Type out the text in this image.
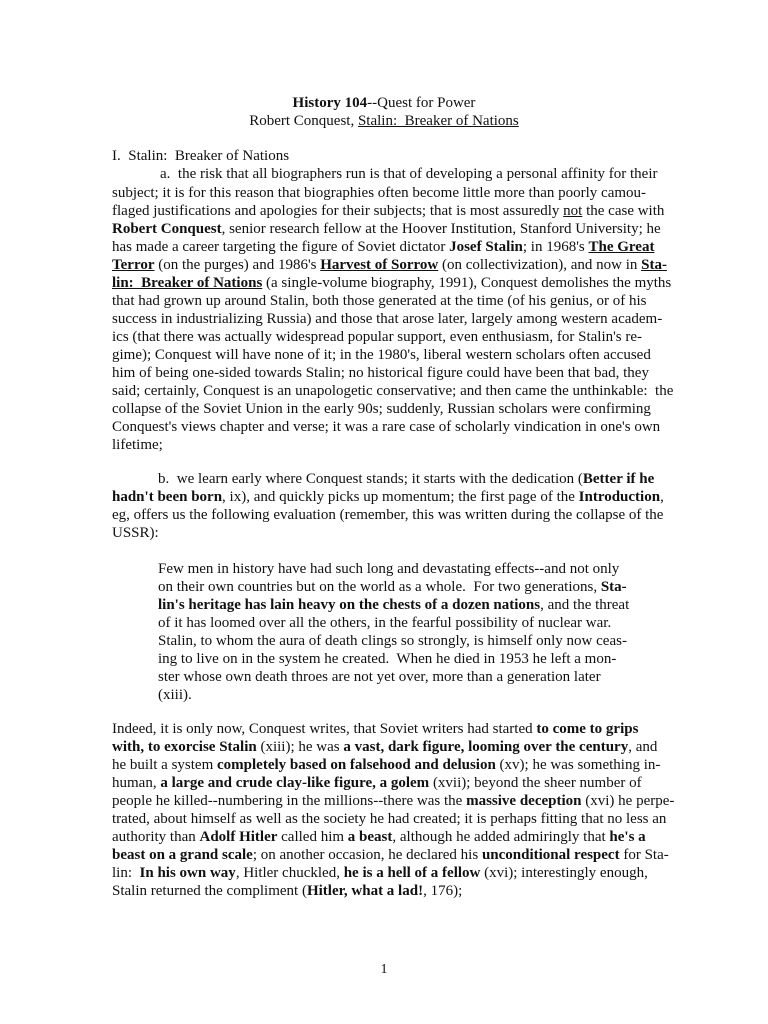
History 104--Quest for Power
Robert Conquest, Stalin:  Breaker of Nations
I.  Stalin:  Breaker of Nations
a.  the risk that all biographers run is that of developing a personal affinity for their
subject; it is for this reason that biographies often become little more than poorly camou-
flaged justifications and apologies for their subjects; that is most assuredly not the case with
Robert Conquest, senior research fellow at the Hoover Institution, Stanford University; he
has made a career targeting the figure of Soviet dictator Josef Stalin; in 1968's The Great
Terror (on the purges) and 1986's Harvest of Sorrow (on collectivization), and now in Sta-
lin:  Breaker of Nations (a single-volume biography, 1991), Conquest demolishes the myths
that had grown up around Stalin, both those generated at the time (of his genius, or of his
success in industrializing Russia) and those that arose later, largely among western academ-
ics (that there was actually widespread popular support, even enthusiasm, for Stalin's re-
gime); Conquest will have none of it; in the 1980's, liberal western scholars often accused
him of being one-sided towards Stalin; no historical figure could have been that bad, they
said; certainly, Conquest is an unapologetic conservative; and then came the unthinkable:  the
collapse of the Soviet Union in the early 90s; suddenly, Russian scholars were confirming
Conquest's views chapter and verse; it was a rare case of scholarly vindication in one's own
lifetime;
b.  we learn early where Conquest stands; it starts with the dedication (Better if he
hadn't been born, ix), and quickly picks up momentum; the first page of the Introduction,
eg, offers us the following evaluation (remember, this was written during the collapse of the
USSR):
Few men in history have had such long and devastating effects--and not only
on their own countries but on the world as a whole.  For two generations, Sta-
lin's heritage has lain heavy on the chests of a dozen nations, and the threat
of it has loomed over all the others, in the fearful possibility of nuclear war.
Stalin, to whom the aura of death clings so strongly, is himself only now ceas-
ing to live on in the system he created.  When he died in 1953 he left a mon-
ster whose own death throes are not yet over, more than a generation later
(xiii).
Indeed, it is only now, Conquest writes, that Soviet writers had started to come to grips
with, to exorcise Stalin (xiii); he was a vast, dark figure, looming over the century, and
he built a system completely based on falsehood and delusion (xv); he was something in-
human, a large and crude clay-like figure, a golem (xvii); beyond the sheer number of
people he killed--numbering in the millions--there was the massive deception (xvi) he perpe-
trated, about himself as well as the society he had created; it is perhaps fitting that no less an
authority than Adolf Hitler called him a beast, although he added admiringly that he's a
beast on a grand scale; on another occasion, he declared his unconditional respect for Sta-
lin:  In his own way, Hitler chuckled, he is a hell of a fellow (xvi); interestingly enough,
Stalin returned the compliment (Hitler, what a lad!, 176);
1
